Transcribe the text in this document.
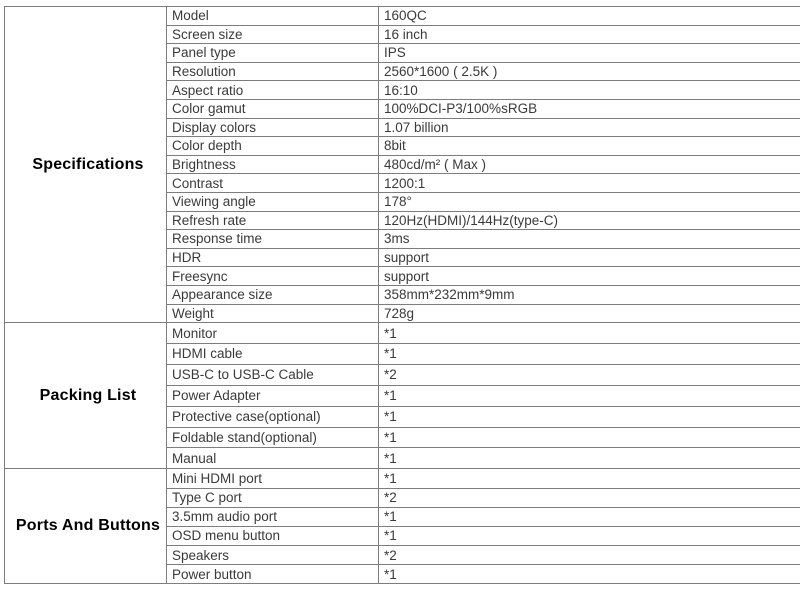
Specifications	Model	160QC
	Screen size	16 inch
	Panel type	IPS
	Resolution	2560*1600 ( 2.5K )
	Aspect ratio	16:10
	Color gamut	100%DCI-P3/100%sRGB
	Display colors	1.07 billion
	Color depth	8bit
	Brightness	480cd/m² ( Max )
	Contrast	1200:1
	Viewing angle	178°
	Refresh rate	120Hz(HDMI)/144Hz(type-C)
	Response time	3ms
	HDR	support
	Freesync	support
	Appearance size	358mm*232mm*9mm
	Weight	728g
Packing List	Monitor	*1
	HDMI cable	*1
	USB-C to USB-C Cable	*2
	Power Adapter	*1
	Protective case(optional)	*1
	Foldable stand(optional)	*1
	Manual	*1
Ports And Buttons	Mini HDMI port	*1
	Type C port	*2
	3.5mm audio port	*1
	OSD menu button	*1
	Speakers	*2
	Power button	*1
